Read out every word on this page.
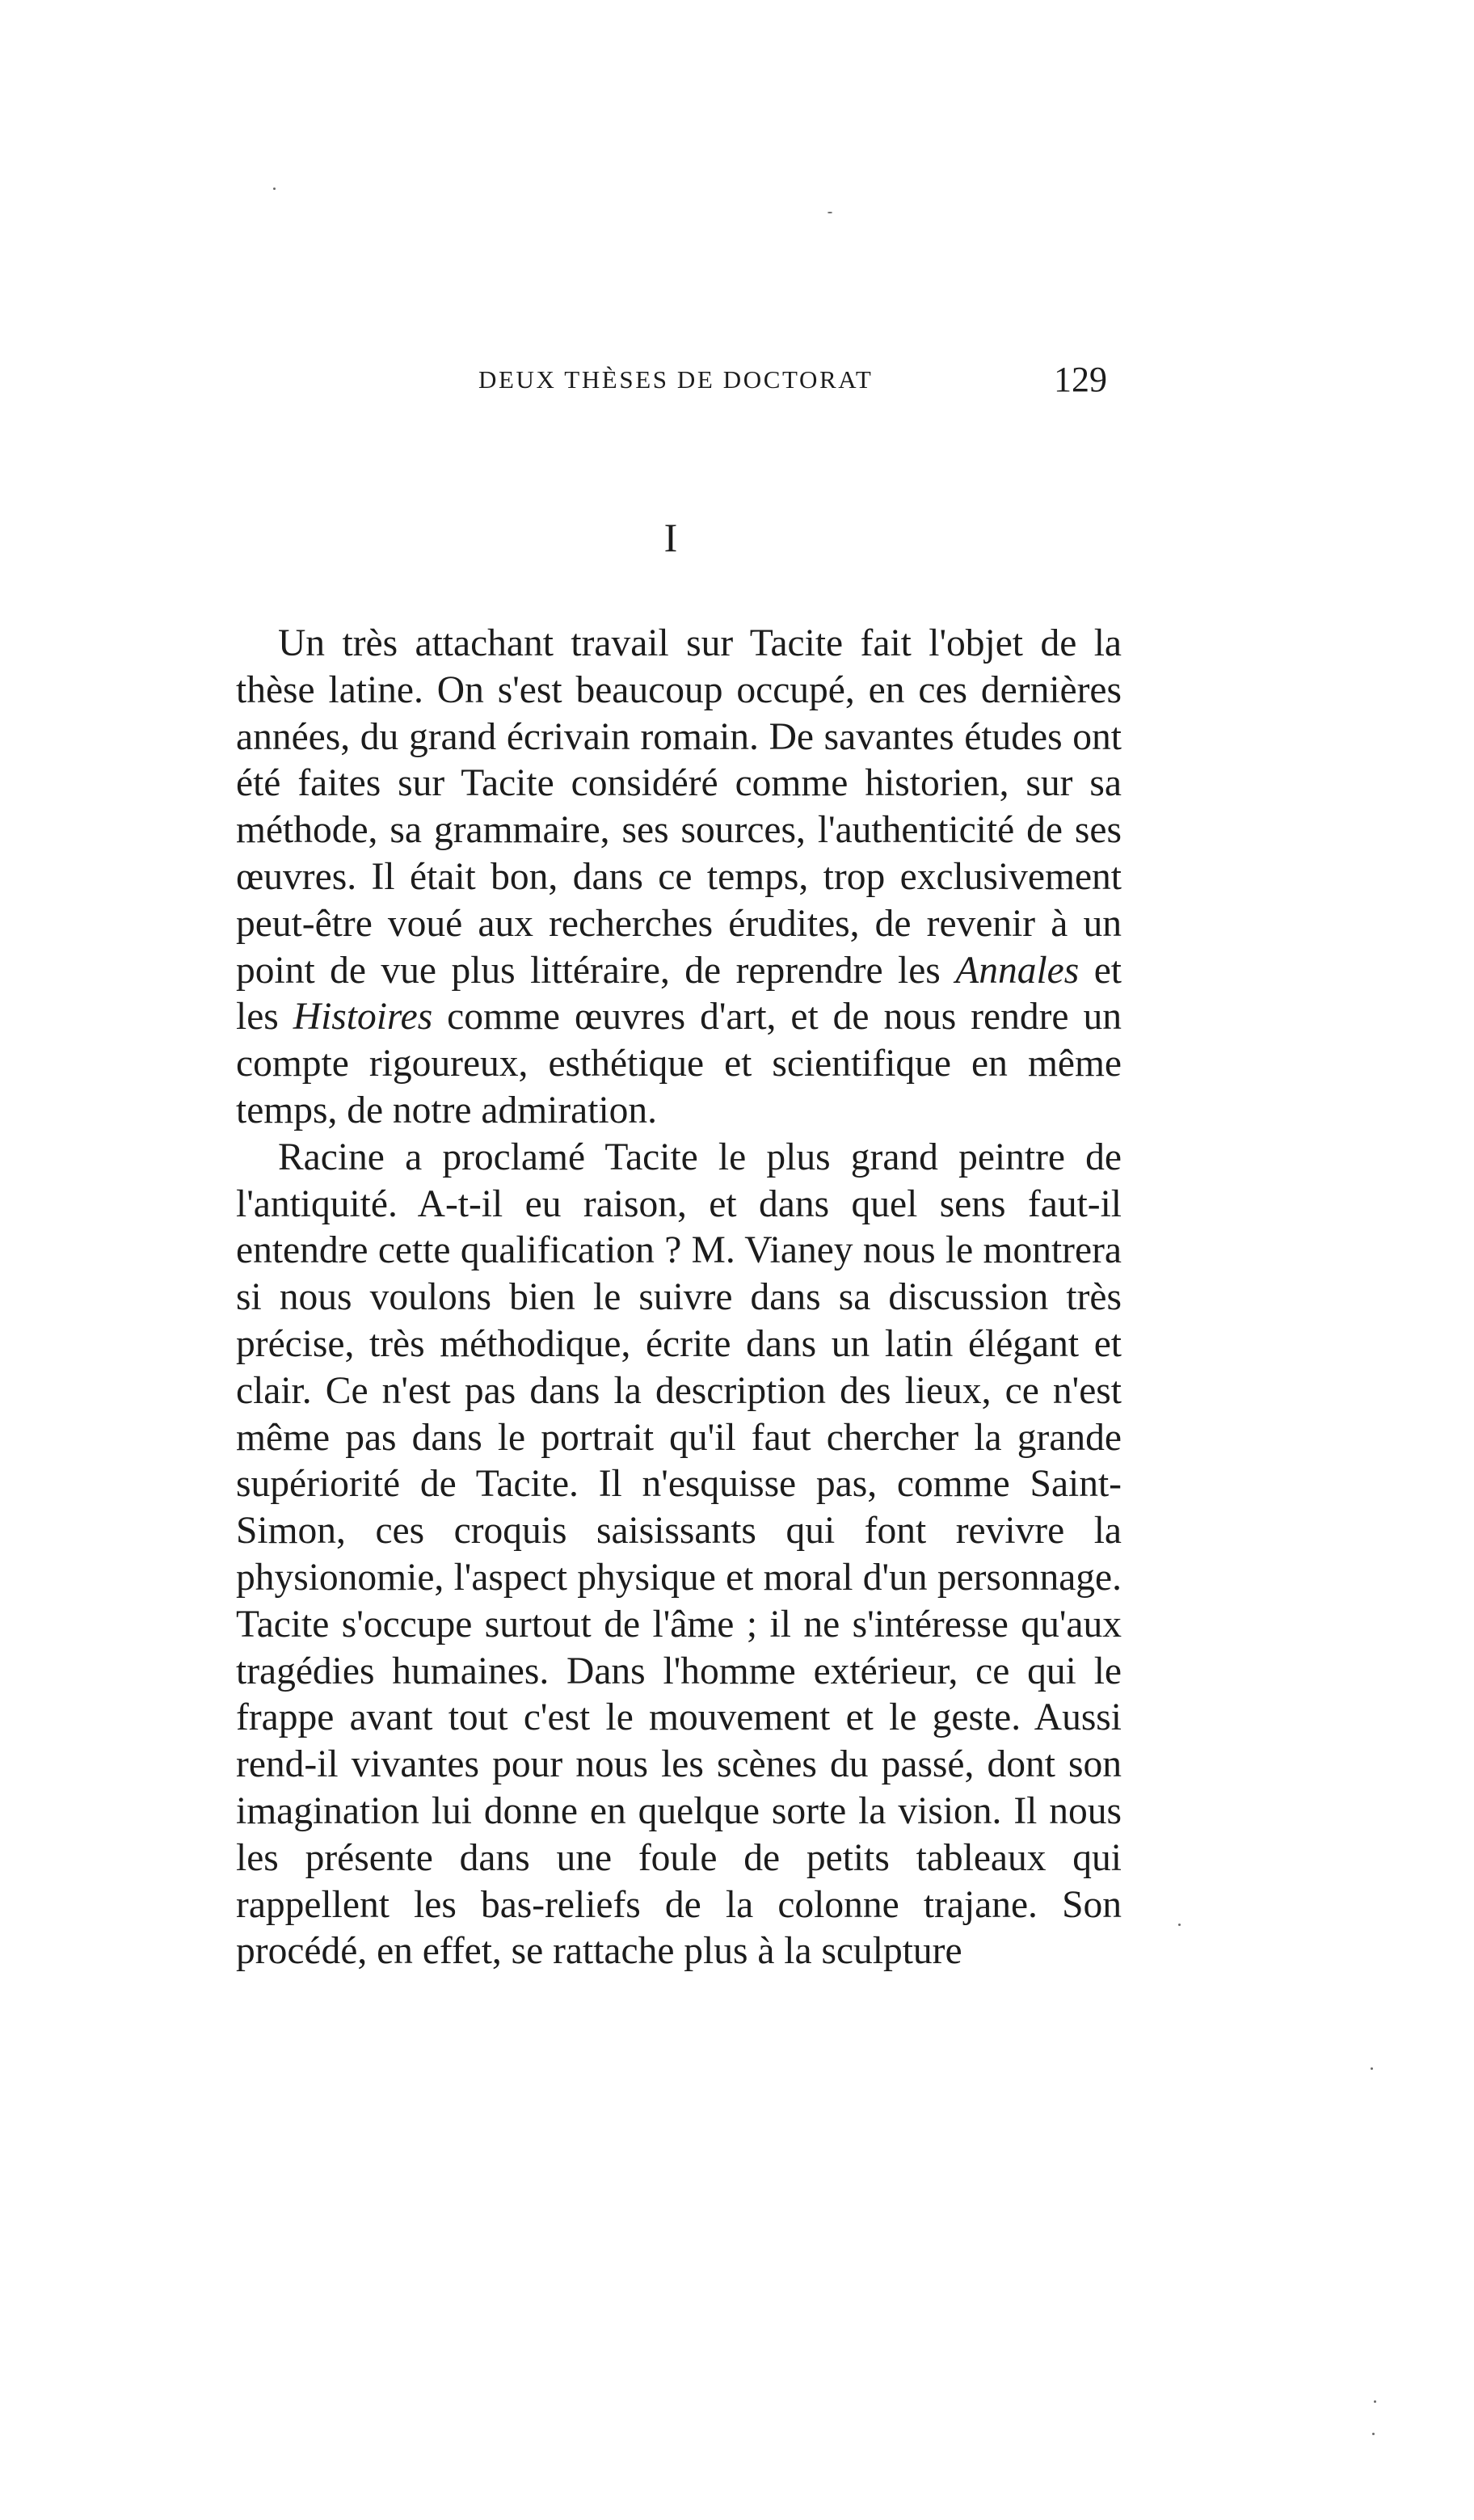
DEUX THÈSES DE DOCTORAT	129
I

Un très attachant travail sur Tacite fait l'objet de la thèse latine. On s'est beaucoup occupé, en ces dernières années, du grand écrivain romain. De savantes études ont été faites sur Tacite considéré comme historien, sur sa méthode, sa grammaire, ses sources, l'authenticité de ses œuvres. Il était bon, dans ce temps, trop exclusivement peut-être voué aux recherches érudites, de revenir à un point de vue plus littéraire, de reprendre les Annales et les Histoires comme œuvres d'art, et de nous rendre un compte rigoureux, esthétique et scientifique en même temps, de notre admiration.

Racine a proclamé Tacite le plus grand peintre de l'antiquité. A-t-il eu raison, et dans quel sens faut-il entendre cette qualification ? M. Vianey nous le montrera si nous voulons bien le suivre dans sa discussion très précise, très méthodique, écrite dans un latin élégant et clair. Ce n'est pas dans la description des lieux, ce n'est même pas dans le portrait qu'il faut chercher la grande supériorité de Tacite. Il n'esquisse pas, comme Saint-Simon, ces croquis saisissants qui font revivre la physionomie, l'aspect physique et moral d'un personnage. Tacite s'occupe surtout de l'âme ; il ne s'intéresse qu'aux tragédies humaines. Dans l'homme extérieur, ce qui le frappe avant tout c'est le mouvement et le geste. Aussi rend-il vivantes pour nous les scènes du passé, dont son imagination lui donne en quelque sorte la vision. Il nous les présente dans une foule de petits tableaux qui rappellent les bas-reliefs de la colonne trajane. Son procédé, en effet, se rattache plus à la sculpture
